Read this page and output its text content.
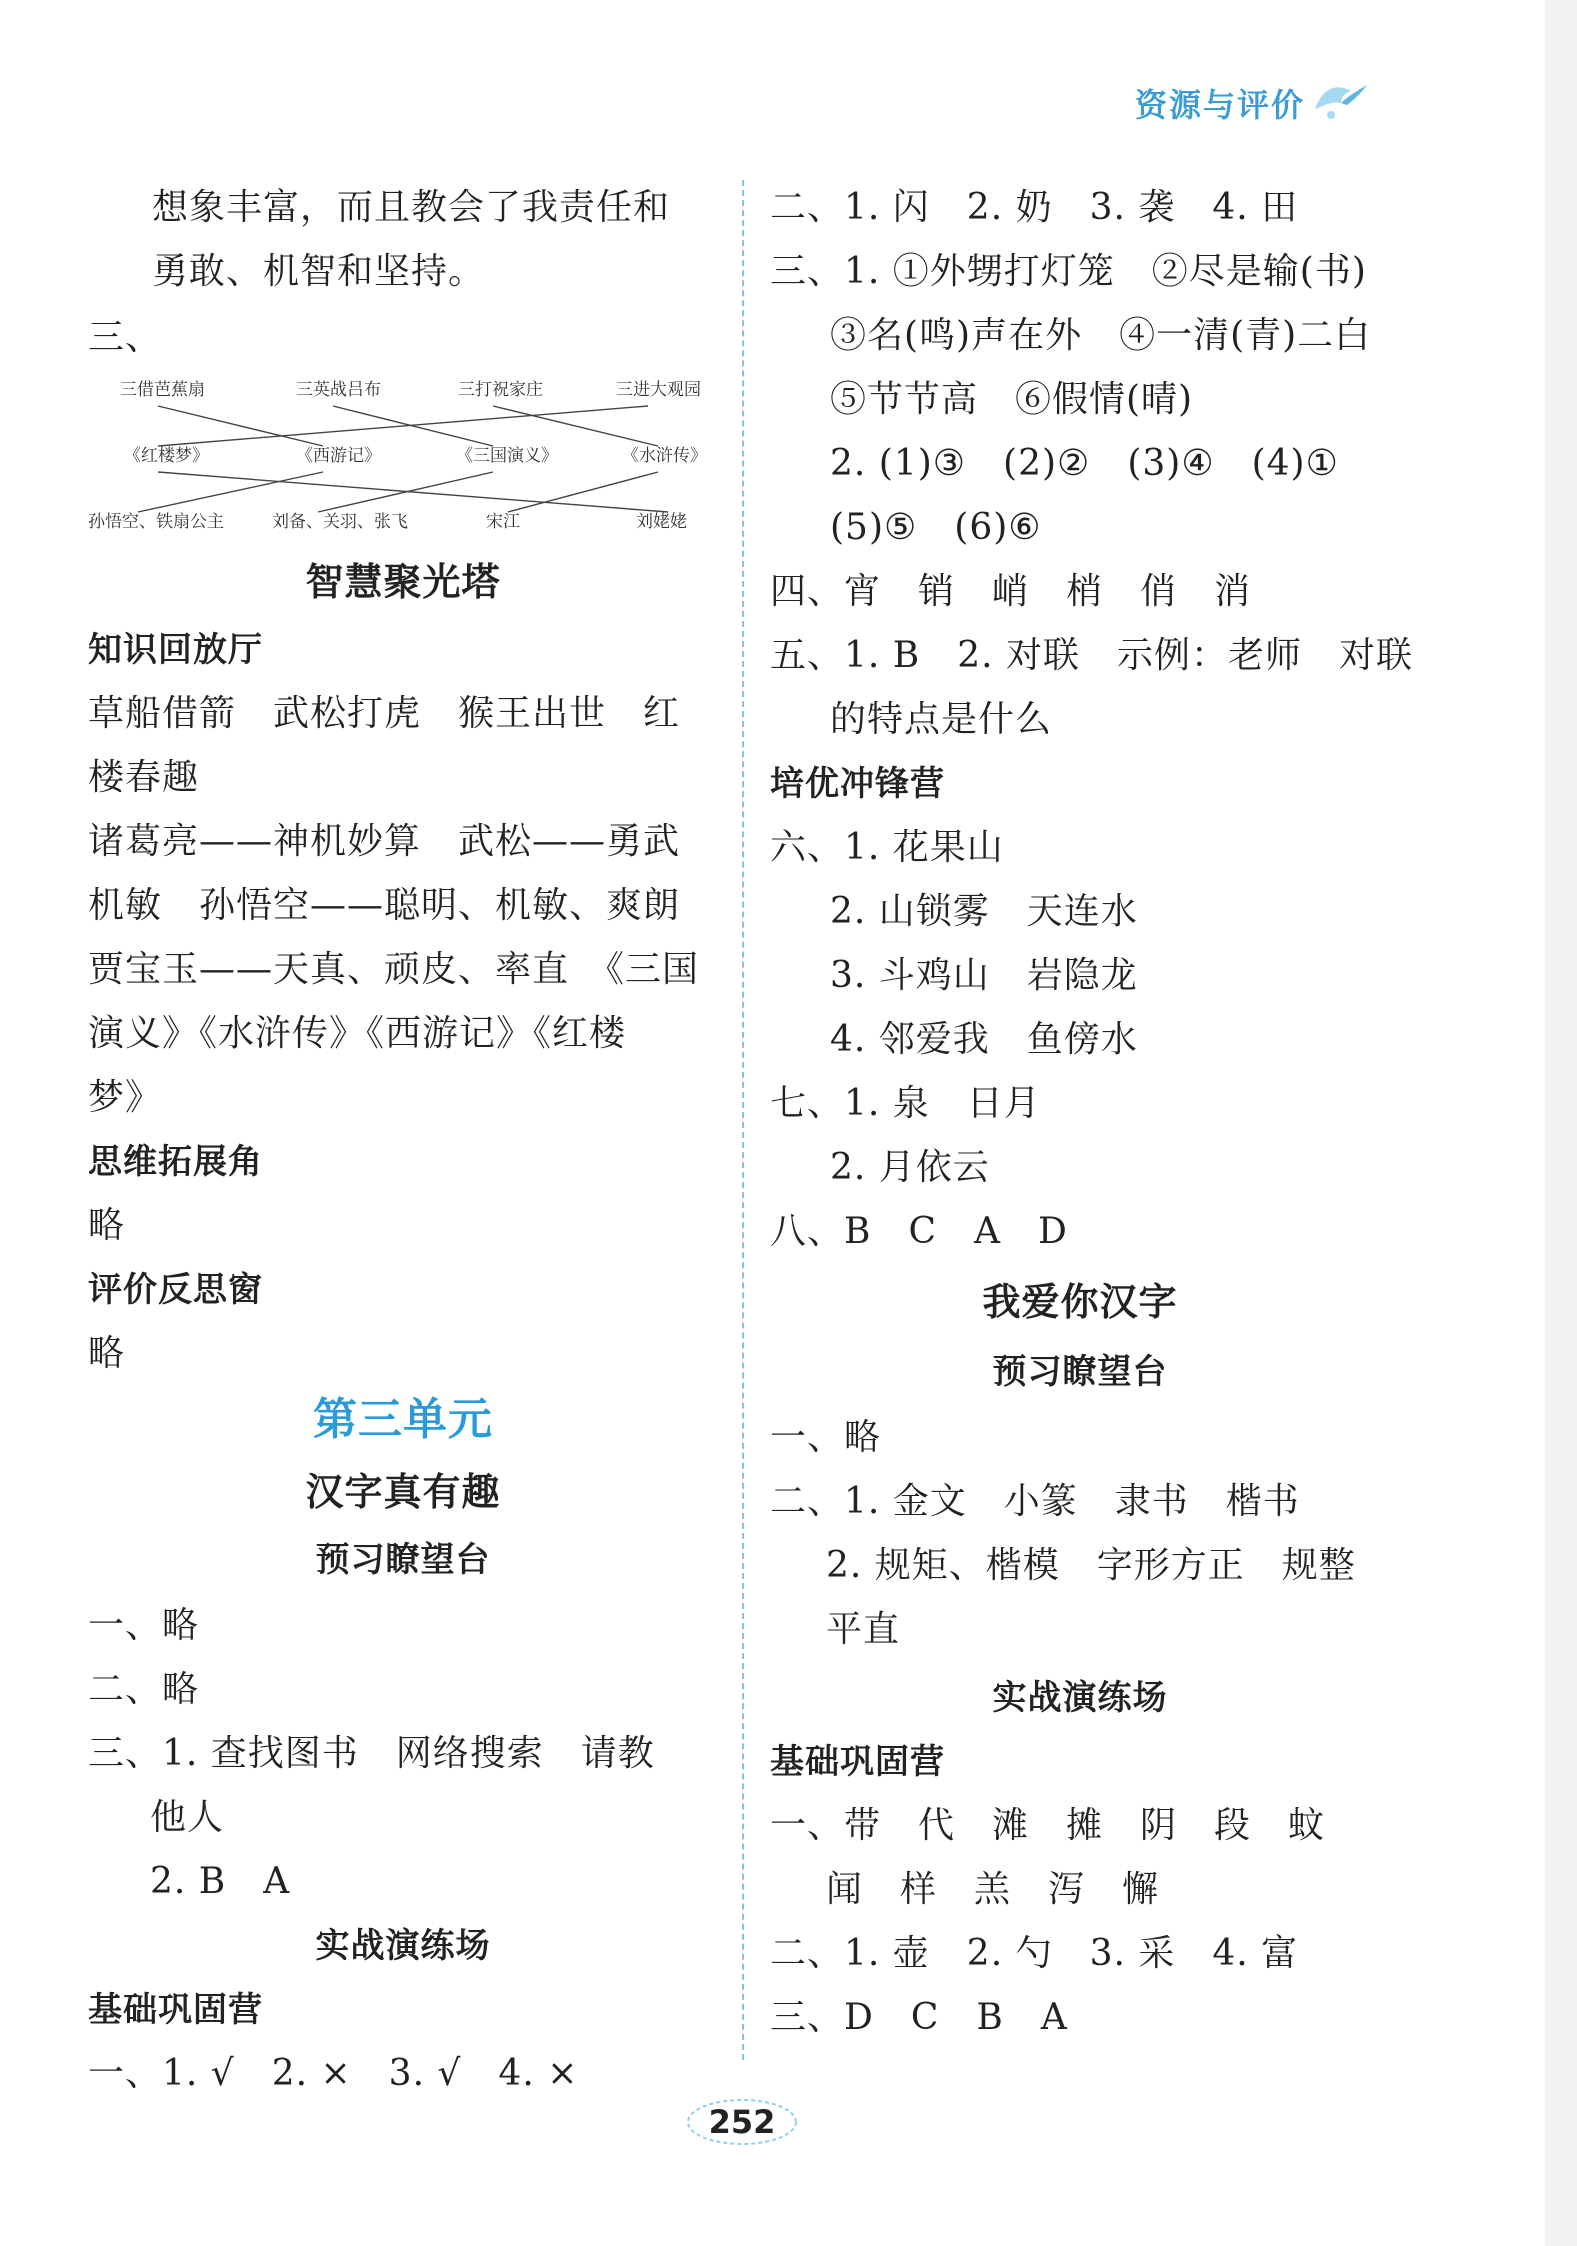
资源与评价
想象丰富，而且教会了我责任和
勇敢、机智和坚持。
三、
三借芭蕉扇	三英战吕布	三打祝家庄	三进大观园
《红楼梦》	《西游记》	《三国演义》	《水浒传》
孙悟空、铁扇公主	刘备、关羽、张飞	宋江	刘姥姥
智慧聚光塔
知识回放厅
草船借箭　武松打虎　猴王出世　红
楼春趣
诸葛亮——神机妙算　武松——勇武
机敏　孙悟空——聪明、机敏、爽朗
贾宝玉——天真、顽皮、率直　《三国
演义》《水浒传》《西游记》《红楼
梦》
思维拓展角
略
评价反思窗
略
第三单元
汉字真有趣
预习瞭望台
一、略
二、略
三、1. 查找图书　网络搜索　请教
他人
2. B　A
实战演练场
基础巩固营
一、1. √　2. ×　3. √　4. ×
二、1. 闪　2. 奶　3. 袭　4. 田
三、1. ①外甥打灯笼　②尽是输(书)
③名(鸣)声在外　④一清(青)二白
⑤节节高　⑥假情(晴)
2. (1)③　(2)②　(3)④　(4)①
(5)⑤　(6)⑥
四、宵　销　峭　梢　俏　消
五、1. B　2. 对联　示例：老师　对联
的特点是什么
培优冲锋营
六、1. 花果山
2. 山锁雾　天连水
3. 斗鸡山　岩隐龙
4. 邻爱我　鱼傍水
七、1. 泉　日月
2. 月依云
八、B　C　A　D
我爱你汉字
预习瞭望台
一、略
二、1. 金文　小篆　隶书　楷书
2. 规矩、楷模　字形方正　规整
平直
实战演练场
基础巩固营
一、带　代　滩　摊　阴　段　蚊
闻　样　羔　泻　懈
二、1. 壶　2. 勺　3. 采　4. 富
三、D　C　B　A
252
